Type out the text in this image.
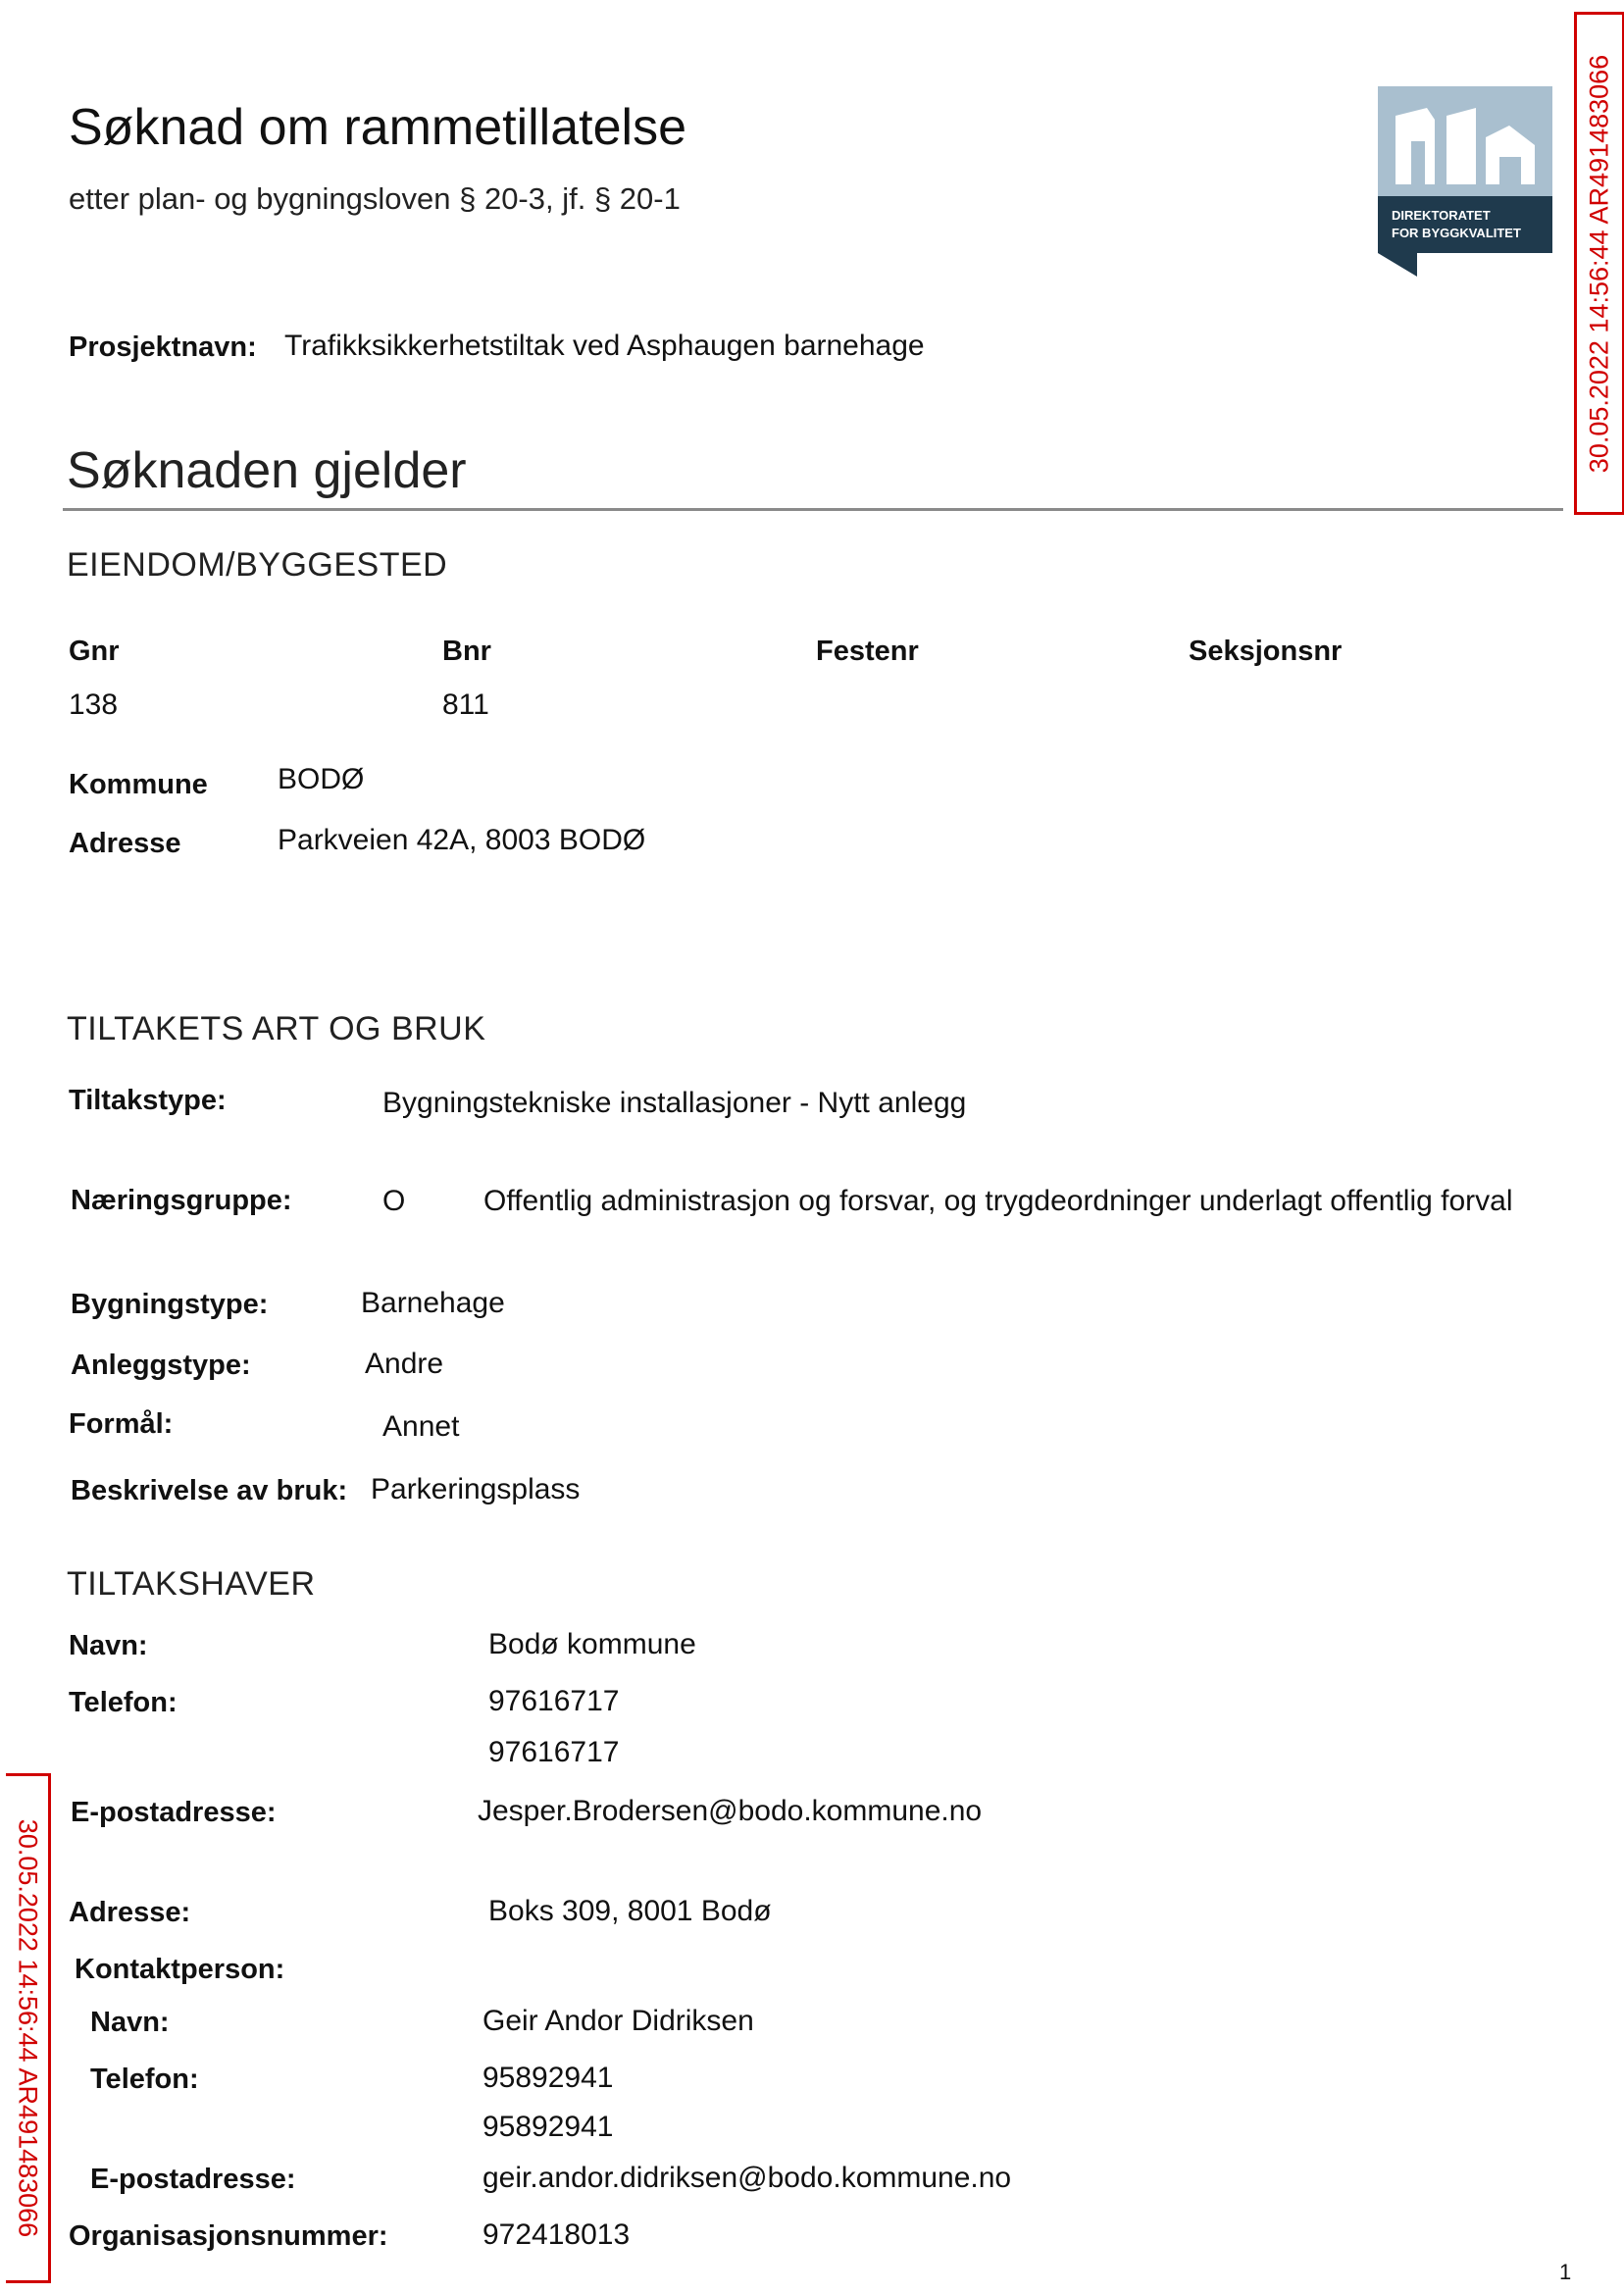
Søknad om rammetillatelse
etter plan- og bygningsloven § 20-3, jf. § 20-1	DIREKTORATET
FOR BYGGKVALITET 30.05.2022 14:56:44 AR491483066
Prosjektnavn: Trafikksikkerhetstiltak ved Asphaugen barnehage
Søknaden gjelder
EIENDOM/BYGGESTED
Gnr	Bnr	Festenr	Seksjonsnr
138	811
Kommune BODØ
Adresse	Parkveien 42A, 8003 BODØ
TILTAKETS ART OG BRUK
Tiltakstype:	Bygningstekniske installasjoner - Nytt anlegg
Næringsgruppe:	O	Offentlig administrasjon og forsvar, og trygdeordninger underlagt offentlig forval
Bygningstype:	Barnehage
Anleggstype:	Andre
Formål:	Annet
Beskrivelse av bruk: Parkeringsplass
TILTAKSHAVER
Navn:	Bodø kommune
Telefon:	97616717
97616717
E-postadresse:	Jesper.Brodersen@bodo.kommune.no
Adresse:	Boks 309, 8001 Bodø
Kontaktperson:
Navn:	Geir Andor Didriksen
Telefon:	95892941
95892941
E-postadresse:	geir.andor.didriksen@bodo.kommune.no
Organisasjonsnummer:	972418013
30.05.2022 14:56:44 AR491483066
1
